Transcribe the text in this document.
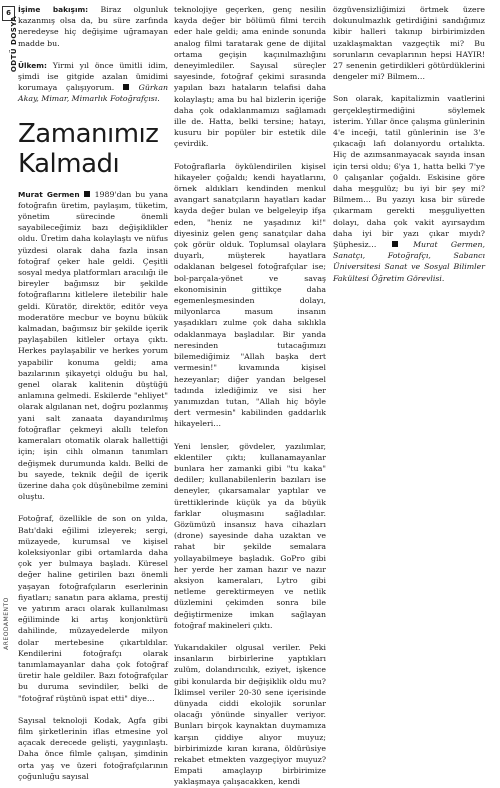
6
ODTÜ DOSYA
AREODAMENTO

İşime bakışım: Biraz olgunluk kazanmış olsa da, bu süre zarfında neredeyse hiç değişime uğramayan madde bu.

Ülkem: Yirmi yıl önce ümitli idim, şimdi ise gitgide azalan ümidimi korumaya çalışıyorum.	Gürkan Akay, Mimar, Mimarlık Fotoğrafçısı.

Zamanımız Kalmadı

Murat Germen  1989'dan bu yana fotoğrafın üretim, paylaşım, tüketim, yönetim sürecinde önemli sayabileceğimiz bazı değişiklikler oldu. Üretim daha kolaylaştı ve nüfus yüzdesi olarak daha fazla insan fotoğraf çeker hale geldi. Çeşitli sosyal medya platformları aracılığı ile bireyler bağımsız bir şekilde fotoğraflarını kitlelere iletebilir hale geldi. Küratör, direktör, editör veya moderatöre mecbur ve boynu bükük kalmadan, bağımsız bir şekilde içerik paylaşabilen kitleler ortaya çıktı. Herkes paylaşabilir ve herkes yorum yapabilir konuma geldi; ama bazılarının şikayetçi olduğu bu hal, genel olarak kalitenin düştüğü anlamına gelmedi. Eskilerde "ehliyet" olarak algılanan net, doğru pozlanmış yani salt zanaata dayandırılmış fotoğraflar çekmeyi akıllı telefon kameraları otomatik olarak hallettiği için; işin cihlı olmanın tanımları değişmek durumunda kaldı. Belki de bu sayede, teknik değil de içerik üzerine daha çok düşünebilme zemini oluştu.

Fotoğraf, özellikle de son on yılda, Batı'daki eğilimi izleyerek; sergi, müzayede, kurumsal ve kişisel koleksiyonlar gibi ortamlarda daha çok yer bulmaya başladı. Küresel değer haline getirilen bazı önemli yaşayan fotoğrafçıların eserlerinin fiyatları; sanatın para aklama, prestij ve yatırım aracı olarak kullanılması eğiliminde ki artış konjonktürü dahilinde, müzayedelerde milyon dolar mertebesine çıkartıldılar. Kendilerini fotoğrafçı olarak tanımlamayanlar daha çok fotoğraf üretir hale geldiler. Bazı fotoğrafçılar bu duruma sevindiler, belki de "fotoğraf rüştünü ispat etti" diye…

Sayısal teknoloji Kodak, Agfa gibi film şirketlerinin iflas etmesine yol açacak derecede gelişti, yaygınlaştı. Daha önce filmle çalışan, şimdinin orta yaş ve üzeri fotoğrafçılarının çoğunluğu sayısal

teknolojiye geçerken, genç nesilin kayda değer bir bölümü filmi tercih eder hale geldi; ama eninde sonunda analog filmi taratarak gene de dijital ortama geçişin kaçınılmazlığını deneyimlediler. Sayısal süreçler sayesinde, fotoğraf çekimi sırasında yapılan bazı hataların telafisi daha kolaylaştı; ama bu hal bizlerin içeriğe daha çok odaklanmamızı sağlamadı ille de. Hatta, belki tersine; hatayı, kusuru bir popüler bir estetik dile çevirdik.

Fotoğraflarla öykülendirilen kişisel hikayeler çoğaldı; kendi hayatlarını, örnek aldıkları kendinden menkul avangart sanatçıların hayatları kadar kayda değer bulan ve belgeleyip ifşa eden, "heniz ne yaşadınız ki!" diyesiniz gelen genç sanatçılar daha çok görür olduk. Toplumsal olaylara duyarlı, müşterek hayatlara odaklanan belgesel fotoğrafçılar ise; bol-parçala-yönet ve savaş ekonomisinin gittikçe daha egemenleşmesinden dolayı, milyonlarca masum insanın yaşadıkları zulme çok daha sıklıkla odaklanmaya başladılar. Bir yanda neresinden tutacağımızı bilemediğimiz "Allah başka dert vermesin!" kıvamında kişisel hezeyanlar; diğer yandan belgesel tadında izlediğimiz ve sisi her yanımızdan tutan, "Allah hiç böyle dert vermesin" kabilinden gaddarlık hikayeleri…

Yeni lensler, gövdeler, yazılımlar, eklentiler çıktı; kullanamayanlar bunlara her zamanki gibi "tu kaka" dediler; kullanabilenlerin bazıları ise deneyler, çıkarsamalar yaptılar ve ürettiklerinde küçük ya da büyük farklar oluşmasını sağladılar. Gözümüzü insansız hava cihazları (drone) sayesinde daha uzaktan ve rahat bir şekilde semalara yollayabilmeye başladık. GoPro gibi her yerde her zaman hazır ve nazır aksiyon kameraları, Lytro gibi netleme gerektirmeyen ve netlik düzlemini çekimden sonra bile değiştirmenize imkan sağlayan fotoğraf makineleri çıktı.

Yukarıdakiler olgusal veriler. Peki insanların birbirlerine yaptıkları zulüm, dolandırıcılık, eziyet, işkence gibi konularda bir değişiklik oldu mu? İklimsel veriler 20-30 sene içerisinde dünyada ciddi ekolojik sorunlar olacağı yönünde sinyaller veriyor. Bunları birçok kaynaktan duymamıza karşın çiddiye alıyor muyuz; birbirimizde kıran kırana, öldürüsiye rekabet etmekten vazgeçiyor muyuz? Empati amaçlayıp birbirimize yaklaşmaya çalışacakken, kendi

özgüvensizliğimizi örtmek üzere dokunulmazlık getirdiğini sandığımız kibir halleri takınıp birbirimizden uzaklaşmaktan vazgeçtik mi? Bu sorunların cevaplarının hepsi HAYIR! 27 senenin getirdikleri götürdüklerini dengeler mi? Bilmem…

Son olarak, kapitalizmin vaatlerini gerçekleştirmediğini söylemek isterim. Yıllar önce çalışma günlerinin 4'e inceği, tatil günlerinin ise 3'e çıkacağı lafı dolanıyordu ortalıkta. Hiç de azımsanmayacak sayıda insan için tersi oldu; 6'ya 1, hatta belki 7'ye 0 çalışanlar çoğaldı. Eskisine göre daha meşgulüz; bu iyi bir şey mi? Bilmem… Bu yazıyı kısa bir sürede çıkarmam gerekti meşguliyetten dolayı, daha çok vakit ayırsaydım daha iyi bir yazı çıkar mıydı? Şüphesiz…	Murat Germen, Sanatçı, Fotoğrafçı, Sabancı Üniversitesi Sanat ve Sosyal Bilimler Fakültesi Öğretim Görevlisi.
